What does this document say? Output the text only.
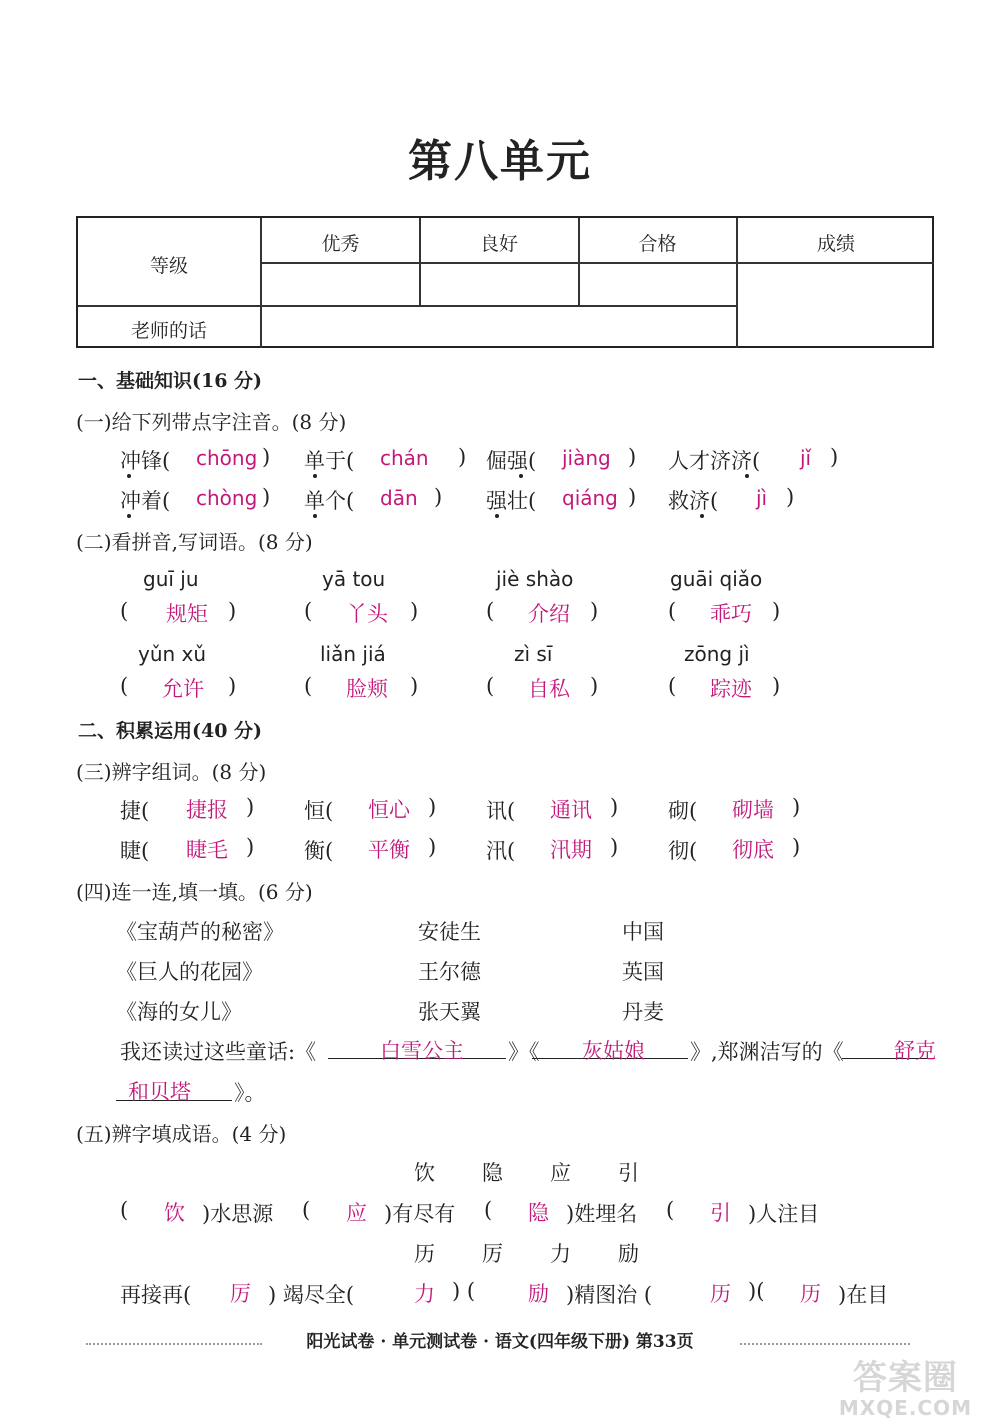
第八单元
等级
优秀	良好	合格	成绩
老师的话
一、基础知识(16 分)
(一)给下列带点字注音。(8 分)
冲锋( chōng ) 单于( chán ) 倔强( jiàng ) 人才济济( jǐ )
冲着( chòng ) 单个( dān ) 强壮( qiáng ) 救济( jì )
(二)看拼音,写词语。(8 分)
guī ju	yā tou	jiè shào	guāi qiǎo
( 规矩 )	( 丫头 )	( 介绍 )	( 乖巧 )
yǔn xǔ	liǎn jiá	zì sī	zōng jì
( 允许 )	( 脸颊 )	( 自私 )	( 踪迹 )
二、积累运用(40 分)
(三)辨字组词。(8 分)
捷( 捷报 ) 恒( 恒心 ) 讯( 通讯 ) 砌( 砌墙 )
睫( 睫毛 ) 衡( 平衡 ) 汛( 汛期 ) 彻( 彻底 )
(四)连一连,填一填。(6 分)
《宝葫芦的秘密》	安徒生	中国
《巨人的花园》	王尔德	英国
《海的女儿》	张天翼	丹麦
我还读过这些童话:《	白雪公主 》《 灰姑娘 》,郑渊洁写的《 舒克
和贝塔 》。
(五)辨字填成语。(4 分)
饮 隐 应 引
( 饮 )水思源 ( 应 )有尽有 ( 隐 )姓埋名 ( 引 )人注目
历 厉 力 励
再接再( 厉 ) 竭尽全(	力 ) (	励 )精图治 (	历 )( 历 )在目
阳光试卷 · 单元测试卷 · 语文(四年级下册) 第33页
答案圈
MXQE.COM
